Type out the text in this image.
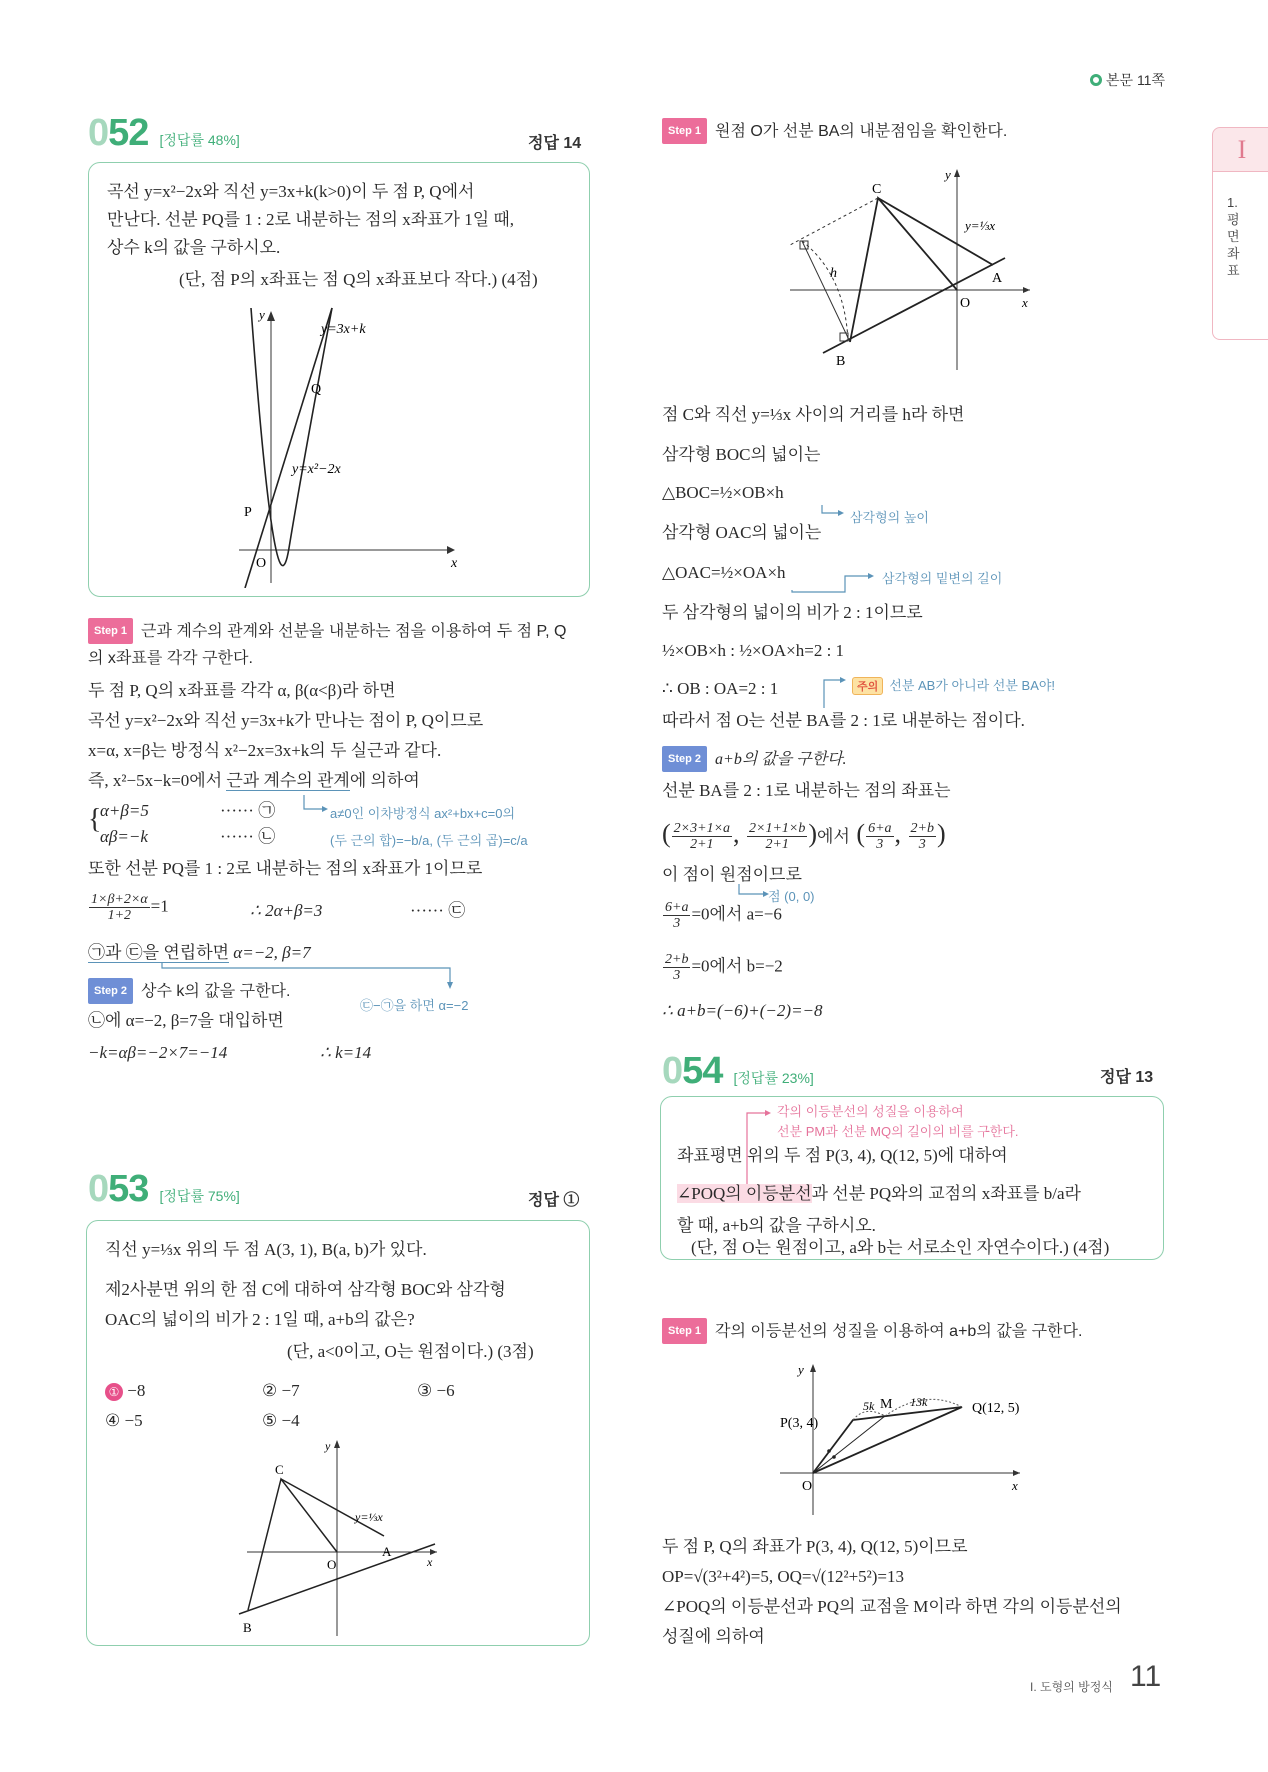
본문 11쪽
I
1.
평
면
좌
표
052 [정답률 48%]	정답 14
곡선 y=x²−2x와 직선 y=3x+k(k>0)이 두 점 P, Q에서
만난다. 선분 PQ를 1 : 2로 내분하는 점의 x좌표가 1일 때,
상수 k의 값을 구하시오.
(단, 점 P의 x좌표는 점 Q의 x좌표보다 작다.) (4점)
y=3x+k
Q
P
y=x²−2x
O	x
y
Step 1 근과 계수의 관계와 선분을 내분하는 점을 이용하여 두 점 P, Q
의 x좌표를 각각 구한다.
두 점 P, Q의 x좌표를 각각 α, β(α<β)라 하면
곡선 y=x²−2x와 직선 y=3x+k가 만나는 점이 P, Q이므로
x=α, x=β는 방정식 x²−2x=3x+k의 두 실근과 같다.
즉, x²−5x−k=0에서 근과 계수의 관계에 의하여
{
α+β=5	······ ㉠
αβ=−k	······ ㉡
a≠0인 이차방정식 ax²+bx+c=0의
(두 근의 합)=−b/a, (두 근의 곱)=c/a
또한 선분 PQ를 1 : 2로 내분하는 점의 x좌표가 1이므로
$\frac{1\times\beta+2\times\alpha}{1+2} =1$	∴ 2α+β=3	······ ㉢
㉠과 ㉢을 연립하면 α=−2, β=7
㉢−㉠을 하면 α=−2
Step 2 상수 k의 값을 구한다.
㉡에 α=−2, β=7을 대입하면
−k=αβ=−2×7=−14	∴ k=14
053 [정답률 75%]	정답 ①
직선 y=⅓x 위의 두 점 A(3, 1), B(a, b)가 있다.
제2사분면 위의 한 점 C에 대하여 삼각형 BOC와 삼각형
OAC의 넓이의 비가 2 : 1일 때, a+b의 값은?
(단, a<0이고, O는 원점이다.) (3점)
① −8	② −7	③ −6
④ −5	⑤ −4
C
A
B
O
y=⅓x
x
y
Step 1 원점 O가 선분 BA의 내분점임을 확인한다.
h
C
A
B
O
y=⅓x
x
y
점 C와 직선 y=⅓x 사이의 거리를 h라 하면
삼각형 BOC의 넓이는
△BOC=½×OB×h
삼각형의 높이
삼각형 OAC의 넓이는
△OAC=½×OA×h	삼각형의 밑변의 길이
두 삼각형의 넓이의 비가 2 : 1이므로
½×OB×h : ½×OA×h=2 : 1
∴ OB : OA=2 : 1	주의 선분 AB가 아니라 선분 BA야!
따라서 점 O는 선분 BA를 2 : 1로 내분하는 점이다.
Step 2 a+b의 값을 구한다.
선분 BA를 2 : 1로 내분하는 점의 좌표는
( $\frac{2\times 3+1\times a}{2+1}$ , $\frac{2\times 1+1\times b}{2+1}$ )에서 ( $\frac{6+a}{3}$ , $\frac{2+b}{3}$ )
이 점이 원점이므로
점 (0, 0)
$\frac{6+a}{3} =0$에서 a=−6
$\frac{2+b}{3} =0$에서 b=−2
∴ a+b=(−6)+(−2)=−8
054 [정답률 23%]	정답 13
각의 이등분선의 성질을 이용하여
선분 PM과 선분 MQ의 길이의 비를 구한다.
좌표평면 위의 두 점 P(3, 4), Q(12, 5)에 대하여
∠POQ의 이등분선과 선분 PQ와의 교점의 x좌표를 b/a라
할 때, a+b의 값을 구하시오.
(단, 점 O는 원점이고, a와 b는 서로소인 자연수이다.) (4점)
Step 1 각의 이등분선의 성질을 이용하여 a+b의 값을 구한다.
P(3, 4)
Q(12, 5)
M
5k	13k
O	x
y
두 점 P, Q의 좌표가 P(3, 4), Q(12, 5)이므로
OP=√(3²+4²)=5, OQ=√(12²+5²)=13
∠POQ의 이등분선과 PQ의 교점을 M이라 하면 각의 이등분선의
성질에 의하여
I. 도형의 방정식 11
